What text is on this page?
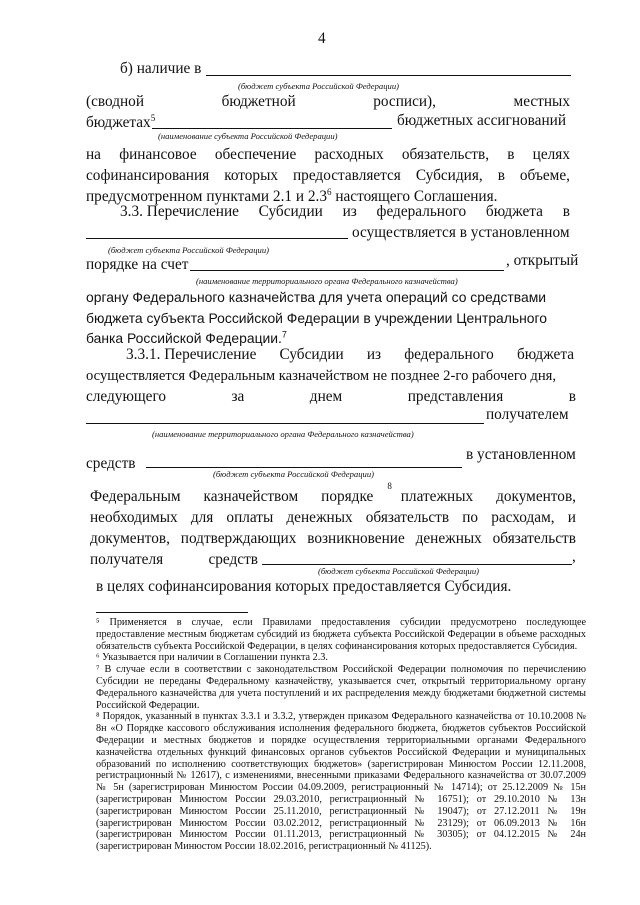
4
б) наличие в
(бюджет субъекта Российской Федерации)
(сводной	бюджетной	росписи),	местных
бюджетах$^5$	бюджетных ассигнований
(наименование субъекта Российской Федерации)
на финансовое обеспечение расходных обязательств, в целях
софинансирования которых предоставляется Субсидия, в объеме,
предусмотренном пунктами 2.1 и $2.3^6$ настоящего Соглашения.
3.3. Перечисление Субсидии из федерального бюджета в
осуществляется в установленном
(бюджет субъекта Российской Федерации)
порядке на счет	, открытый
(наименование территориального органа Федерального казначейства)
органу Федерального казначейства для учета операций со средствами
бюджета субъекта Российской Федерации в учреждении Центрального
банка Российской Федерации.$^7$
3.3.1. Перечисление Субсидии из федерального бюджета
осуществляется Федеральным казначейством не позднее 2-го рабочего дня,
следующего	за	днем	представления	в
получателем
(наименование территориального органа Федерального казначейства)
средств
в установленном
(бюджет субъекта Российской Федерации)
Федеральным казначейством порядке$^8$
платежных документов,
необходимых для оплаты денежных обязательств по расходам, и
документов, подтверждающих возникновение денежных обязательств
получателя	средств	,
(бюджет субъекта Российской Федерации)
в целях софинансирования которых предоставляется Субсидия.

⁵ Применяется в случае, если Правилами предоставления субсидии предусмотрено последующее предоставление местным бюджетам субсидий из бюджета субъекта Российской Федерации в объеме расходных обязательств субъекта Российской Федерации, в целях софинансирования которых предоставляется Субсидия.

⁶ Указывается при наличии в Соглашении пункта 2.3.

⁷ В случае если в соответствии с законодательством Российской Федерации полномочия по перечислению Субсидии не переданы Федеральному казначейству, указывается счет, открытый территориальному органу Федерального казначейства для учета поступлений и их распределения между бюджетами бюджетной системы Российской Федерации.

⁸ Порядок, указанный в пунктах 3.3.1 и 3.3.2, утвержден приказом Федерального казначейства от 10.10.2008 № 8н «О Порядке кассового обслуживания исполнения федерального бюджета, бюджетов субъектов Российской Федерации и местных бюджетов и порядке осуществления территориальными органами Федерального казначейства отдельных функций финансовых органов субъектов Российской Федерации и муниципальных образований по исполнению соответствующих бюджетов» (зарегистрирован Минюстом России 12.11.2008, регистрационный № 12617), с изменениями, внесенными приказами Федерального казначейства от 30.07.2009 № 5н (зарегистрирован Минюстом России 04.09.2009, регистрационный № 14714); от 25.12.2009 № 15н (зарегистрирован Минюстом России 29.03.2010, регистрационный № 16751); от 29.10.2010 № 13н (зарегистрирован Минюстом России 25.11.2010, регистрационный № 19047); от 27.12.2011 № 19н (зарегистрирован Минюстом России 03.02.2012, регистрационный № 23129); от 06.09.2013 № 16н (зарегистрирован Минюстом России 01.11.2013, регистрационный № 30305); от 04.12.2015 № 24н (зарегистрирован Минюстом России 18.02.2016, регистрационный № 41125).
